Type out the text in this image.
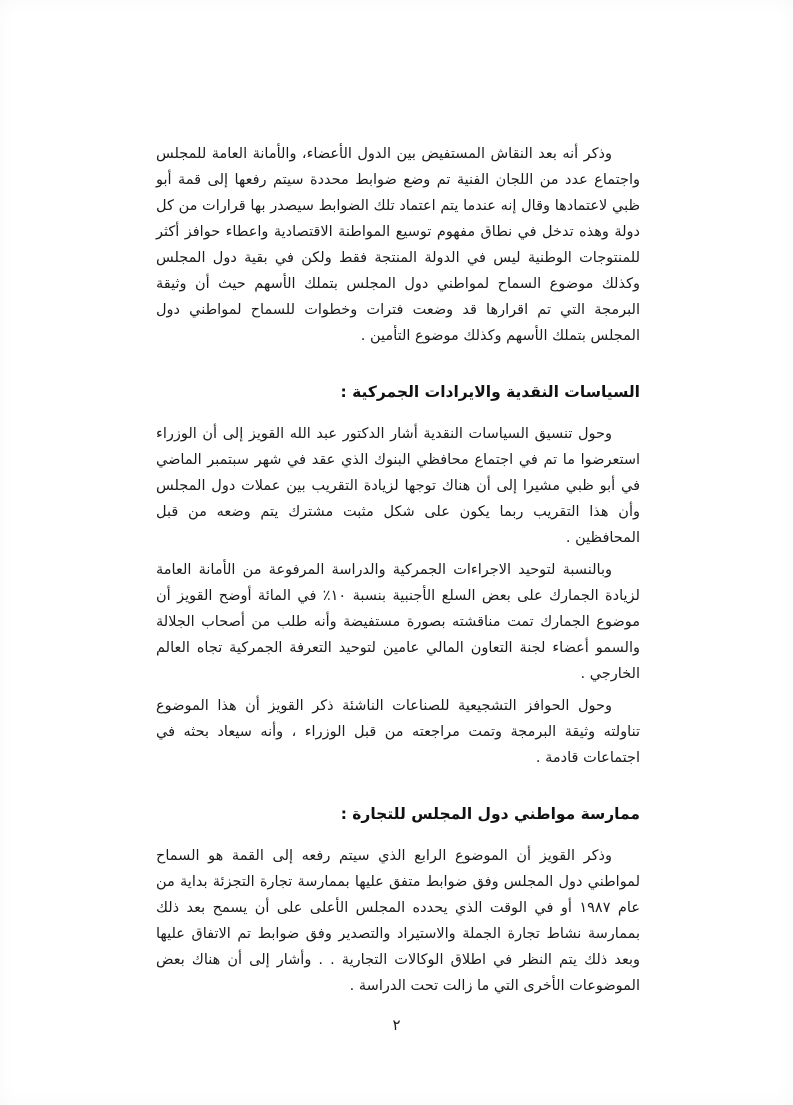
وذكر أنه بعد النقاش المستفيض بين الدول الأعضاء، والأمانة العامة للمجلس واجتماع عدد من اللجان الفنية تم وضع ضوابط محددة سيتم رفعها إلى قمة أبو ظبي لاعتمادها وقال إنه عندما يتم اعتماد تلك الضوابط سيصدر بها قرارات من كل دولة وهذه تدخل في نطاق مفهوم توسيع المواطنة الاقتصادية واعطاء حوافز أكثر للمنتوجات الوطنية ليس في الدولة المنتجة فقط ولكن في بقية دول المجلس وكذلك موضوع السماح لمواطني دول المجلس بتملك الأسهم حيث أن وثيقة البرمجة التي تم اقرارها قد وضعت فترات وخطوات للسماح لمواطني دول المجلس بتملك الأسهم وكذلك موضوع التأمين .

السياسات النقدية والايرادات الجمركية :

وحول تنسيق السياسات النقدية أشار الدكتور عبد الله القويز إلى أن الوزراء استعرضوا ما تم في اجتماع محافظي البنوك الذي عقد في شهر سبتمبر الماضي في أبو ظبي مشيرا إلى أن هناك توجها لزيادة التقريب بين عملات دول المجلس وأن هذا التقريب ربما يكون على شكل مثبت مشترك يتم وضعه من قبل المحافظين .

وبالنسبة لتوحيد الاجراءات الجمركية والدراسة المرفوعة من الأمانة العامة لزيادة الجمارك على بعض السلع الأجنبية بنسبة ١٠٪ في المائة أوضح القويز أن موضوع الجمارك تمت مناقشته بصورة مستفيضة وأنه طلب من أصحاب الجلالة والسمو أعضاء لجنة التعاون المالي عامين لتوحيد التعرفة الجمركية تجاه العالم الخارجي .

وحول الحوافز التشجيعية للصناعات الناشئة ذكر القويز أن هذا الموضوع تناولته وثيقة البرمجة وتمت مراجعته من قبل الوزراء ، وأنه سيعاد بحثه في اجتماعات قادمة .

ممارسة مواطني دول المجلس للتجارة :

وذكر القويز أن الموضوع الرابع الذي سيتم رفعه إلى القمة هو السماح لمواطني دول المجلس وفق ضوابط متفق عليها بممارسة تجارة التجزئة بداية من عام ١٩٨٧ أو في الوقت الذي يحدده المجلس الأعلى على أن يسمح بعد ذلك بممارسة نشاط تجارة الجملة والاستيراد والتصدير وفق ضوابط تم الاتفاق عليها وبعد ذلك يتم النظر في اطلاق الوكالات التجارية . . وأشار إلى أن هناك بعض الموضوعات الأخرى التي ما زالت تحت الدراسة .

٢
